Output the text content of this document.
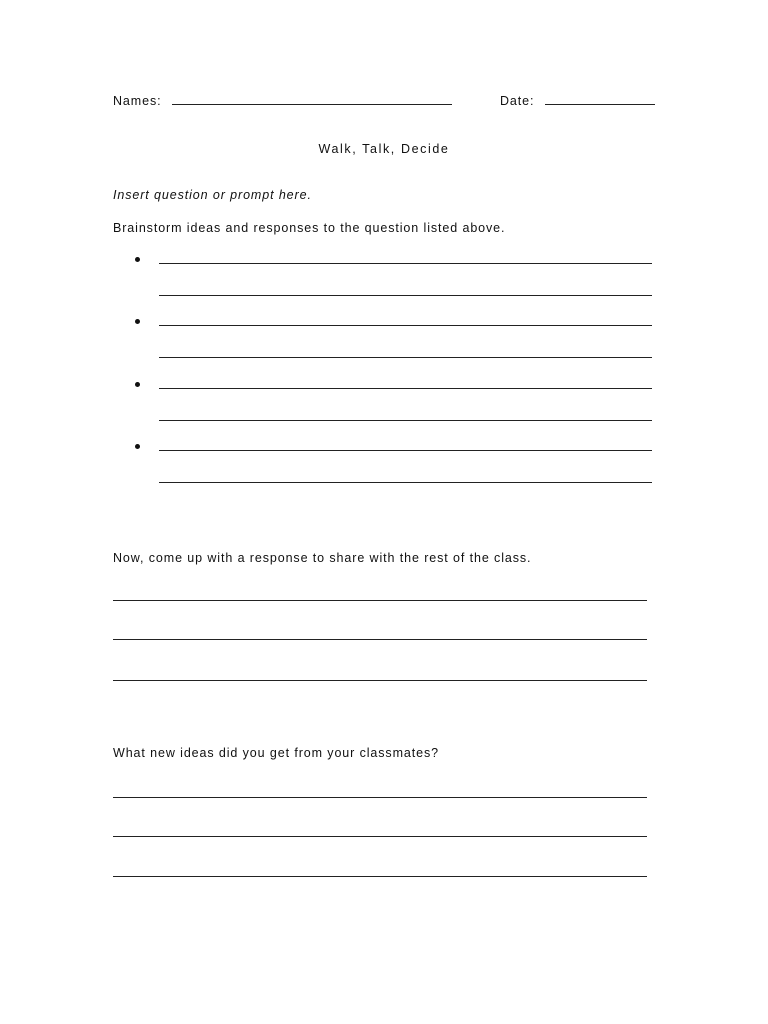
Names:	Date:
Walk, Talk, Decide
Insert question or prompt here.
Brainstorm ideas and responses to the question listed above.
Now, come up with a response to share with the rest of the class.
What new ideas did you get from your classmates?
